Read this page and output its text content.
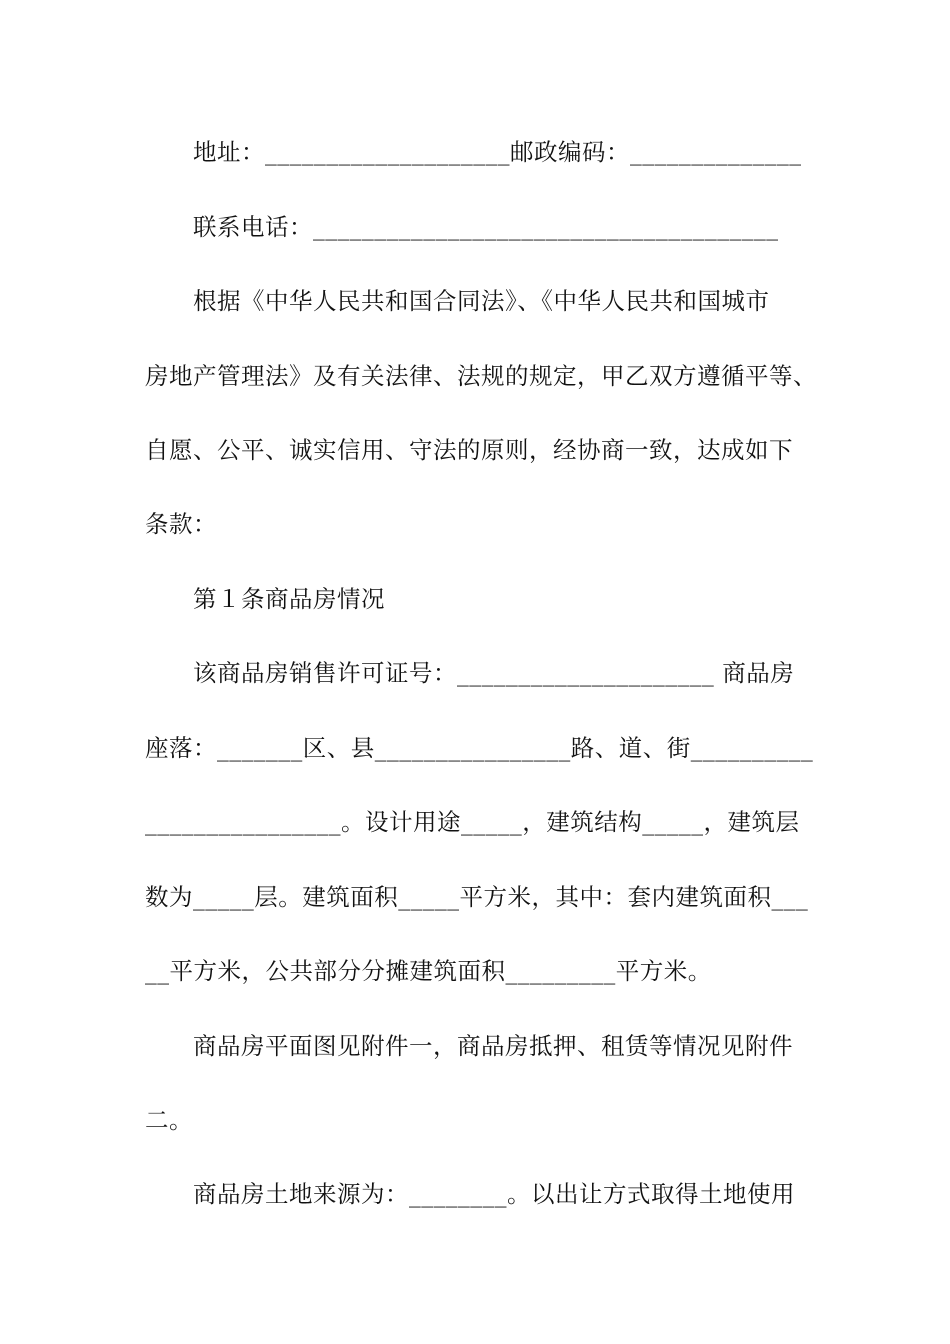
地址：____________________邮政编码：______________
联系电话：______________________________________
根据《中华人民共和国合同法》、《中华人民共和国城市
房地产管理法》及有关法律、法规的规定，甲乙双方遵循平等、
自愿、公平、诚实信用、守法的原则，经协商一致，达成如下
条款：
第１条商品房情况
该商品房销售许可证号：_____________________ 商品房
座落：_______区、县________________路、道、街__________
________________。设计用途_____，建筑结构_____，建筑层
数为_____层。建筑面积_____平方米，其中：套内建筑面积___
__平方米，公共部分分摊建筑面积_________平方米。
商品房平面图见附件一，商品房抵押、租赁等情况见附件
二。
商品房土地来源为：________。以出让方式取得土地使用
